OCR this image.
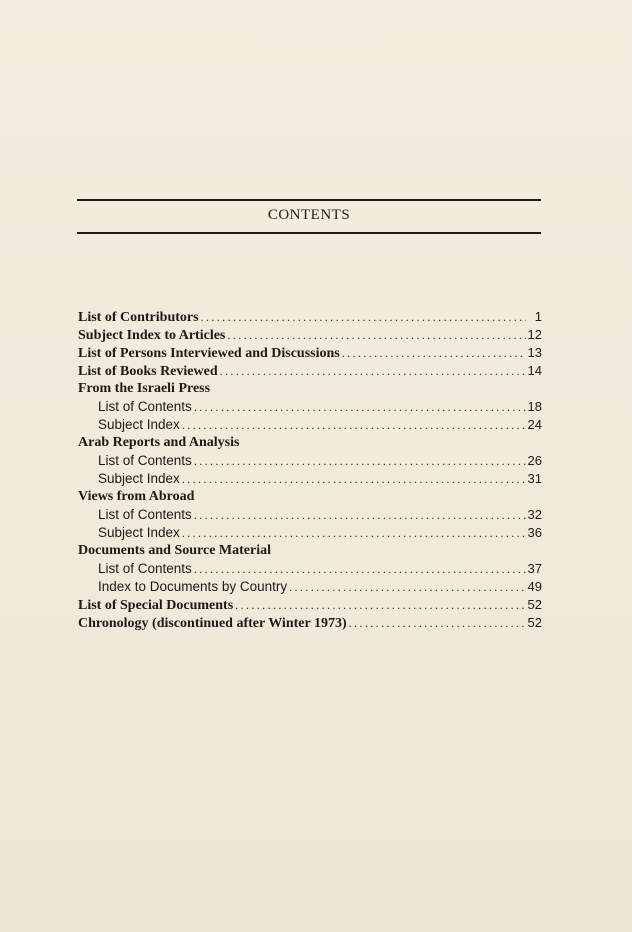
CONTENTS
List of Contributors . . .	1
Subject Index to Articles . . .	12
List of Persons Interviewed and Discussions . . .	13
List of Books Reviewed . . .	14
From the Israeli Press
List of Contents . . .	18
Subject Index . . .	24
Arab Reports and Analysis
List of Contents . . .	26
Subject Index . . .	31
Views from Abroad
List of Contents . . .	32
Subject Index . . .	36
Documents and Source Material
List of Contents . . .	37
Index to Documents by Country . . .	49
List of Special Documents . . .	52
Chronology (discontinued after Winter 1973) . . .	52
